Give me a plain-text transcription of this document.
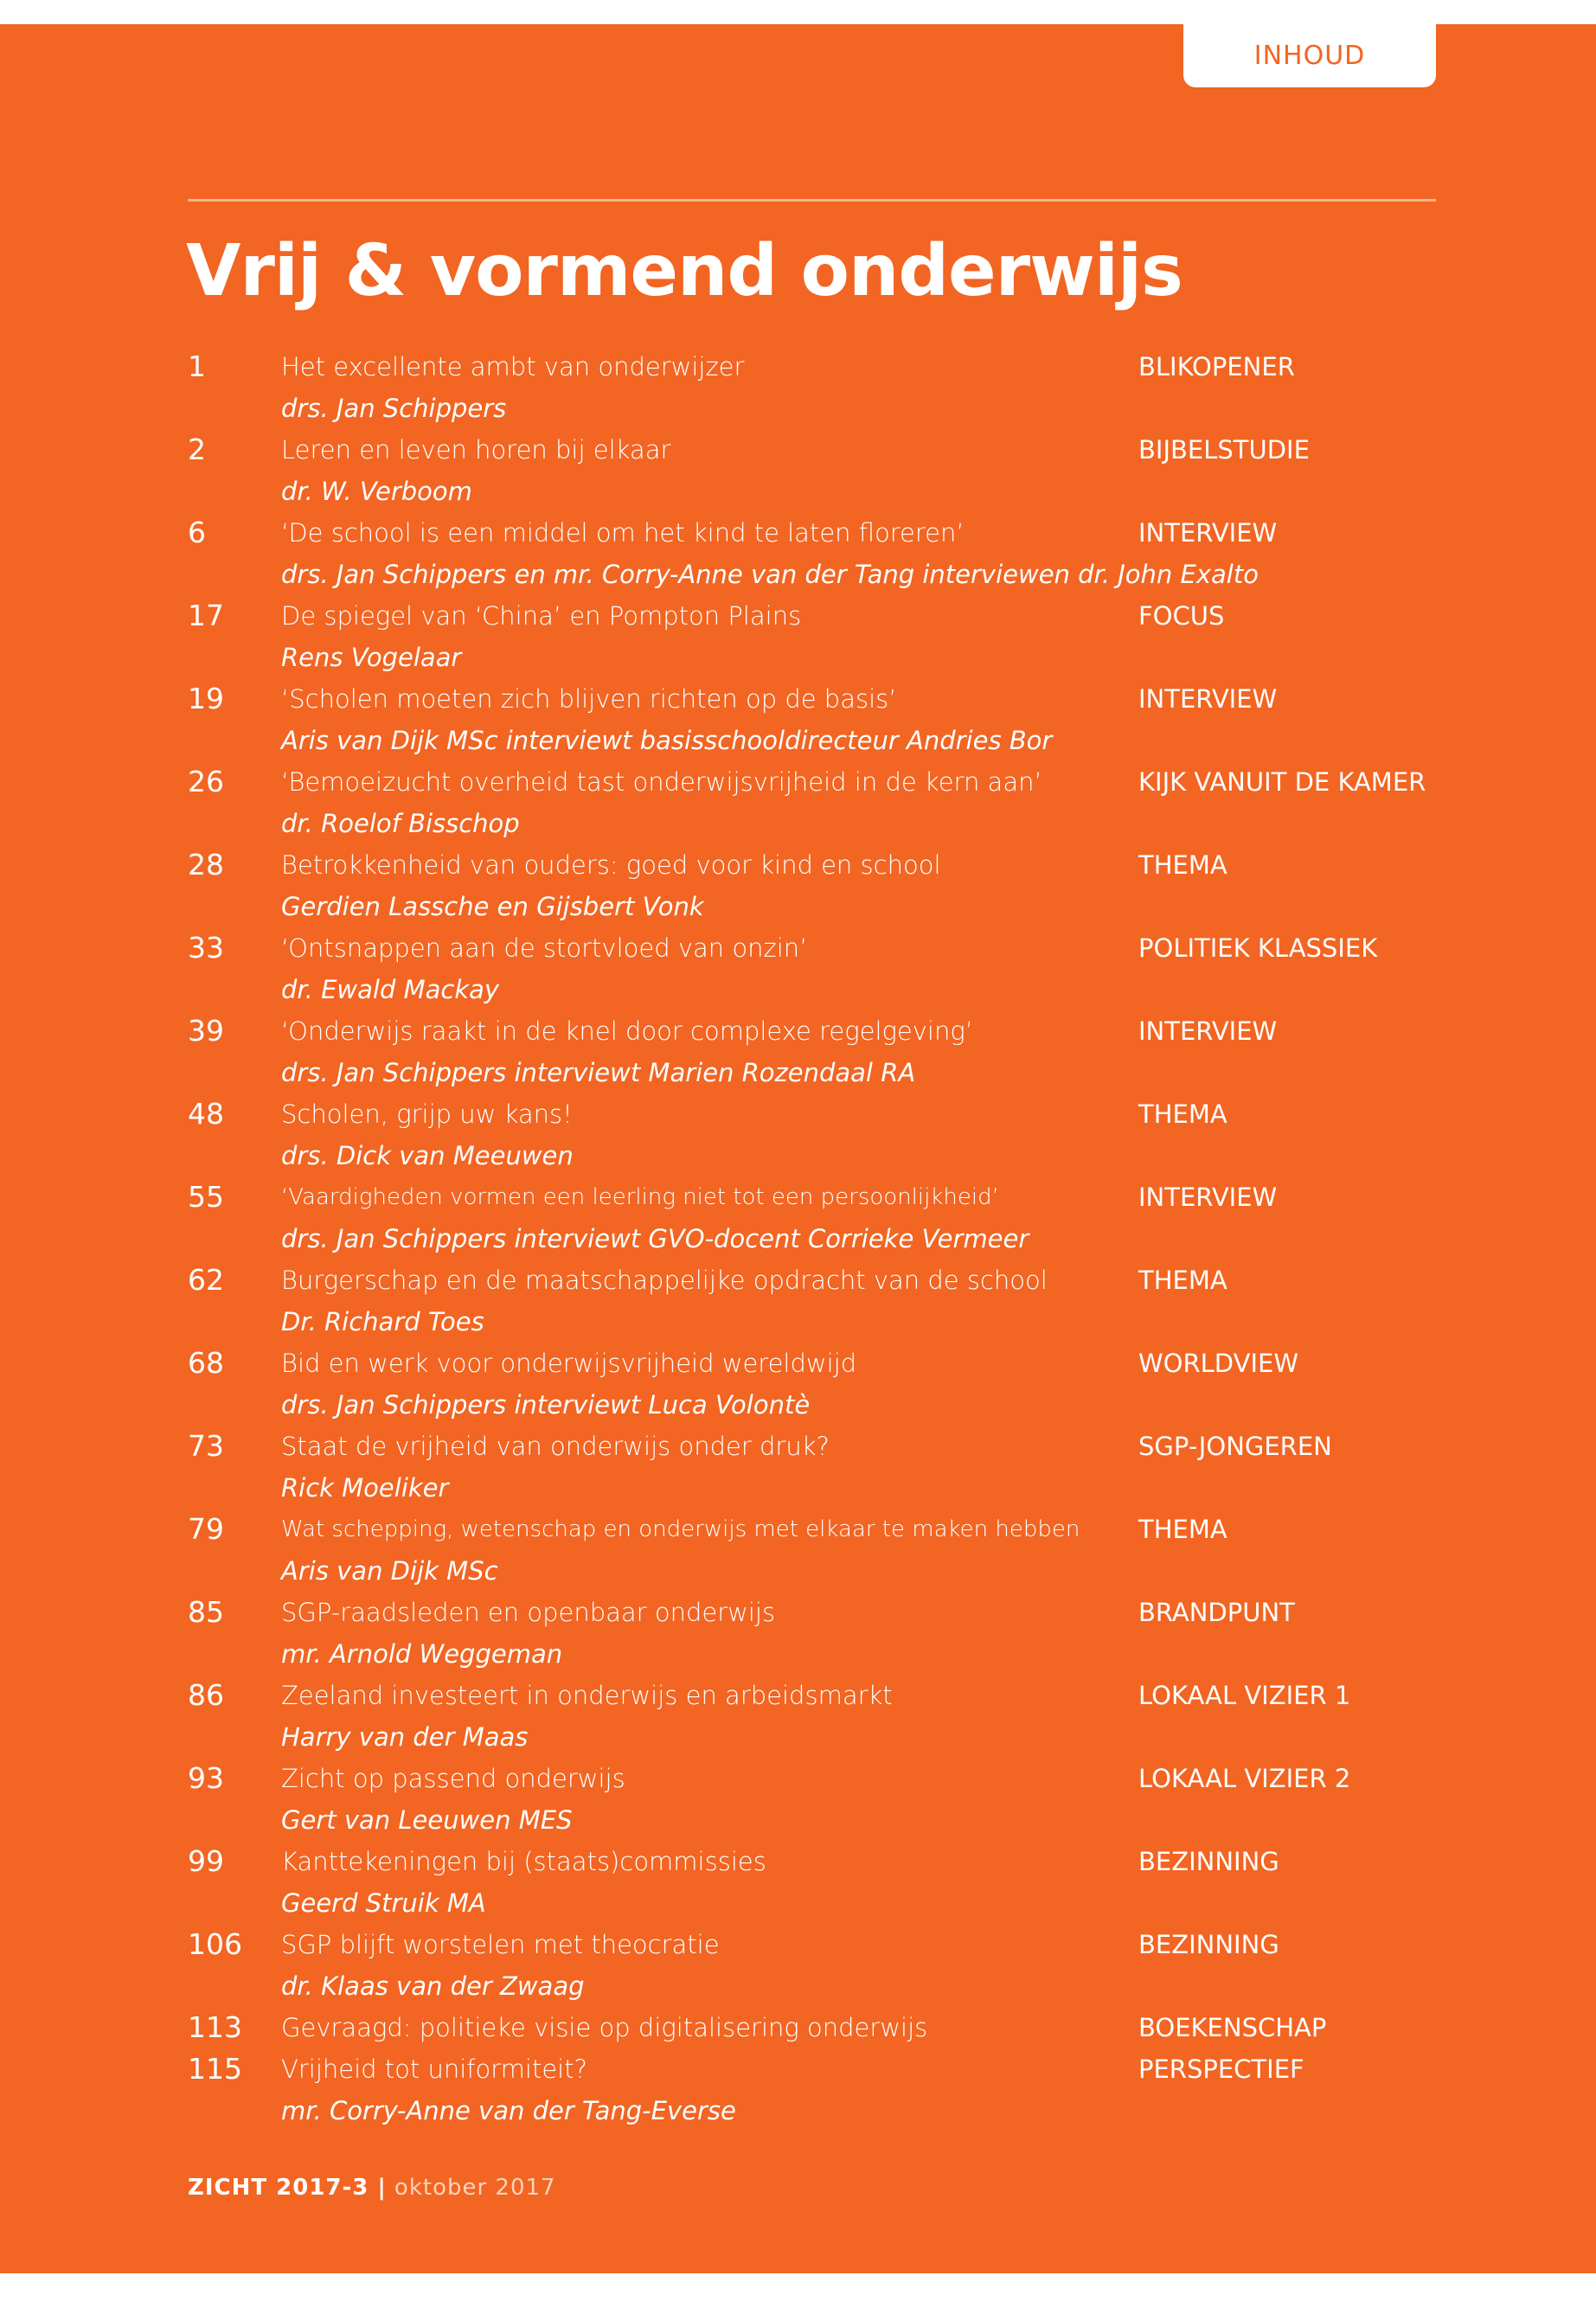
INHOUD
Vrij & vormend onderwijs
1	Het excellente ambt van onderwijzer	BLIKOPENER
drs. Jan Schippers
2	Leren en leven horen bij elkaar	BIJBELSTUDIE
dr. W. Verboom
6	‘De school is een middel om het kind te laten floreren’	INTERVIEW
drs. Jan Schippers en mr. Corry-Anne van der Tang interviewen dr. John Exalto
17 De spiegel van ‘China’ en Pompton Plains	FOCUS
Rens Vogelaar
19 ‘Scholen moeten zich blijven richten op de basis’	INTERVIEW
Aris van Dijk MSc interviewt basisschooldirecteur Andries Bor
26 ‘Bemoeizucht overheid tast onderwijsvrijheid in de kern aan’	KIJK VANUIT DE KAMER
dr. Roelof Bisschop
28 Betrokkenheid van ouders: goed voor kind en school	THEMA
Gerdien Lassche en Gijsbert Vonk
33 ‘Ontsnappen aan de stortvloed van onzin’	POLITIEK KLASSIEK
dr. Ewald Mackay
39 ‘Onderwijs raakt in de knel door complexe regelgeving’	INTERVIEW
drs. Jan Schippers interviewt Marien Rozendaal RA
48 Scholen, grijp uw kans!	THEMA
drs. Dick van Meeuwen
55	‘Vaardigheden vormen een leerling niet tot een persoonlijkheid’	INTERVIEW
drs. Jan Schippers interviewt GVO-docent Corrieke Vermeer
62 Burgerschap en de maatschappelijke opdracht van de school	THEMA
Dr. Richard Toes
68 Bid en werk voor onderwijsvrijheid wereldwijd	WORLDVIEW
drs. Jan Schippers interviewt Luca Volontè
73 Staat de vrijheid van onderwijs onder druk?	SGP-JONGEREN
Rick Moeliker
79	Wat schepping, wetenschap en onderwijs met elkaar te maken hebben THEMA
Aris van Dijk MSc
85 SGP-raadsleden en openbaar onderwijs	BRANDPUNT
mr. Arnold Weggeman
86 Zeeland investeert in onderwijs en arbeidsmarkt	LOKAAL VIZIER 1
Harry van der Maas
93 Zicht op passend onderwijs	LOKAAL VIZIER 2
Gert van Leeuwen MES
99 Kanttekeningen bij (staats)commissies	BEZINNING
Geerd Struik MA
106 SGP blijft worstelen met theocratie	BEZINNING
dr. Klaas van der Zwaag
113 Gevraagd: politieke visie op digitalisering onderwijs	BOEKENSCHAP
115 Vrijheid tot uniformiteit?	PERSPECTIEF
mr. Corry-Anne van der Tang-Everse
ZICHT 2017-3 | oktober 2017
